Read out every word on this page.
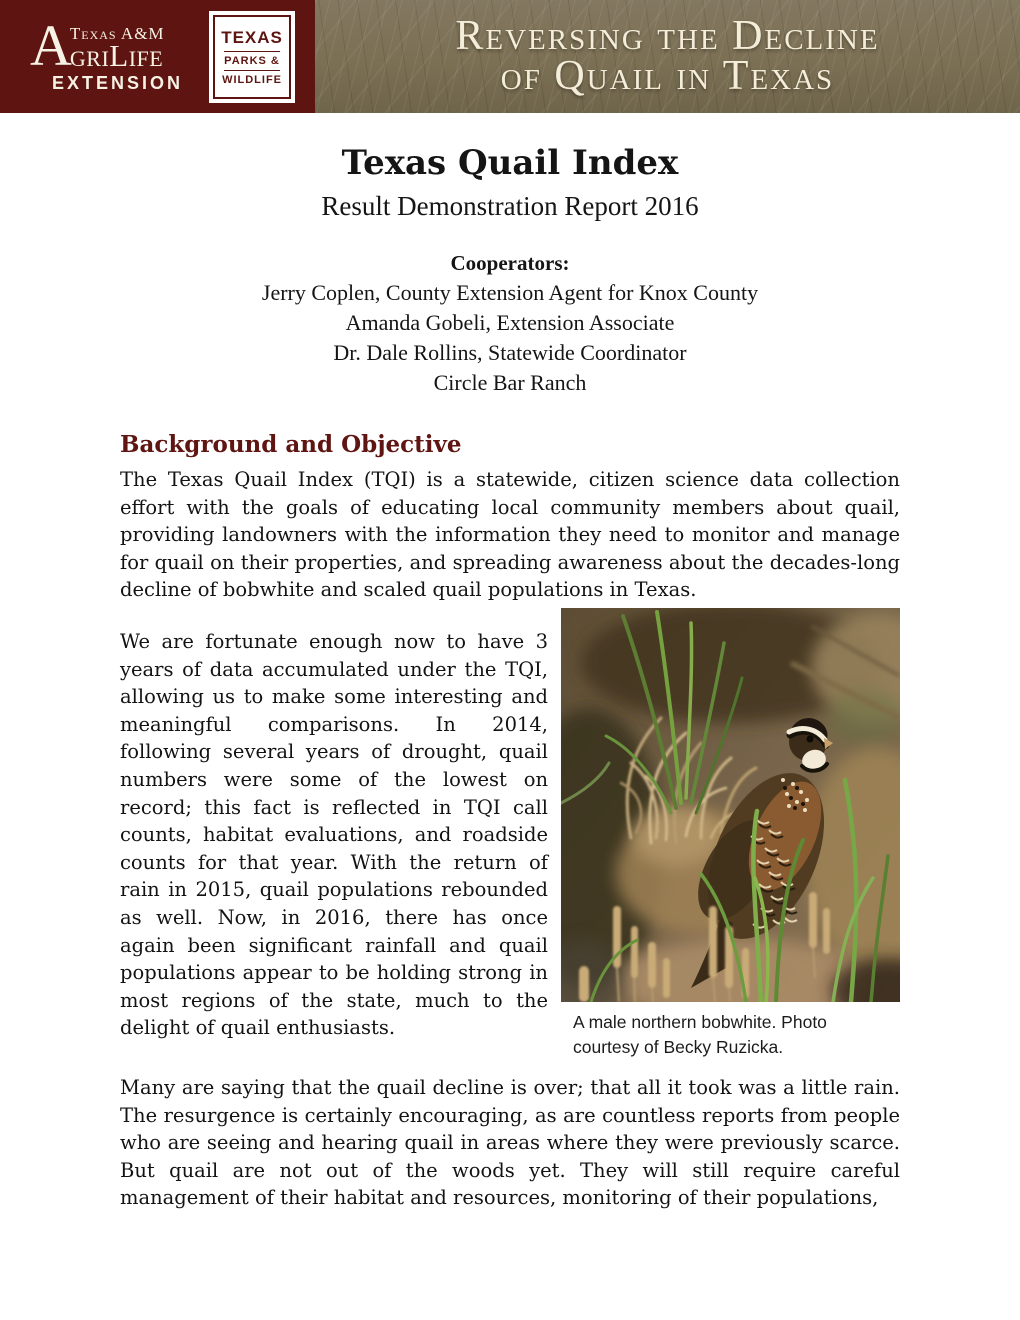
A
Texas A&M
griLife
EXTENSION
TEXAS
PARKS &
WILDLIFE
Reversing the Decline
of Quail in Texas
Texas Quail Index
Result Demonstration Report 2016
Cooperators:
Jerry Coplen, County Extension Agent for Knox County
Amanda Gobeli, Extension Associate
Dr. Dale Rollins, Statewide Coordinator
Circle Bar Ranch
Background and Objective
The Texas Quail Index (TQI) is a statewide, citizen science data collection effort with the goals of educating local community members about quail, providing landowners with the information they need to monitor and manage for quail on their properties, and spreading awareness about the decades-long decline of bobwhite and scaled quail populations in Texas.
We are fortunate enough now to have 3 years of data accumulated under the TQI, allowing us to make some interesting and meaningful comparisons. In 2014, following several years of drought, quail numbers were some of the lowest on record; this fact is reflected in TQI call counts, habitat evaluations, and roadside counts for that year. With the return of rain in 2015, quail populations rebounded as well. Now, in 2016, there has once again been significant rainfall and quail populations appear to be holding strong in most regions of the state, much to the delight of quail enthusiasts.	A male northern bobwhite. Photo courtesy of Becky Ruzicka.
Many are saying that the quail decline is over; that all it took was a little rain. The resurgence is certainly encouraging, as are countless reports from people who are seeing and hearing quail in areas where they were previously scarce. But quail are not out of the woods yet. They will still require careful management of their habitat and resources, monitoring of their populations,
